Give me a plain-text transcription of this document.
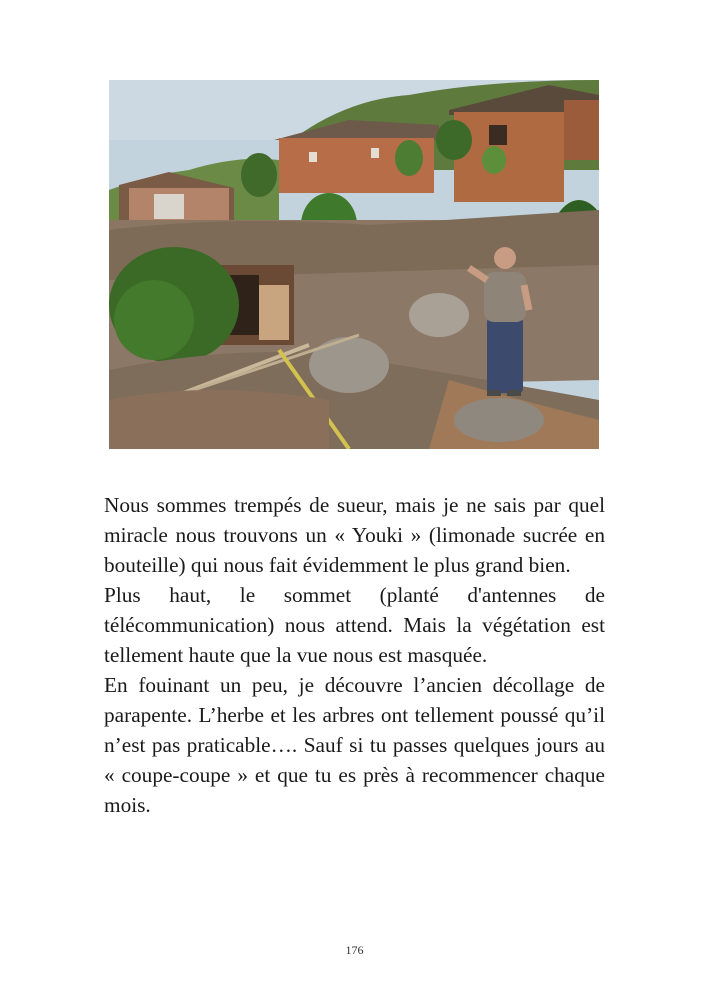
Nous sommes trempés de sueur, mais je ne sais par quel miracle nous trouvons un « Youki » (limonade sucrée en bouteille) qui nous fait évidemment le plus grand bien.

Plus haut, le sommet (planté d'antennes de télécommunication) nous attend. Mais la végétation est tellement haute que la vue nous est masquée.

En fouinant un peu, je découvre l’ancien décollage de parapente. L’herbe et les arbres ont tellement poussé qu’il n’est pas praticable…. Sauf si tu passes quelques jours au « coupe-coupe » et que tu es près à recommencer chaque mois.

176
